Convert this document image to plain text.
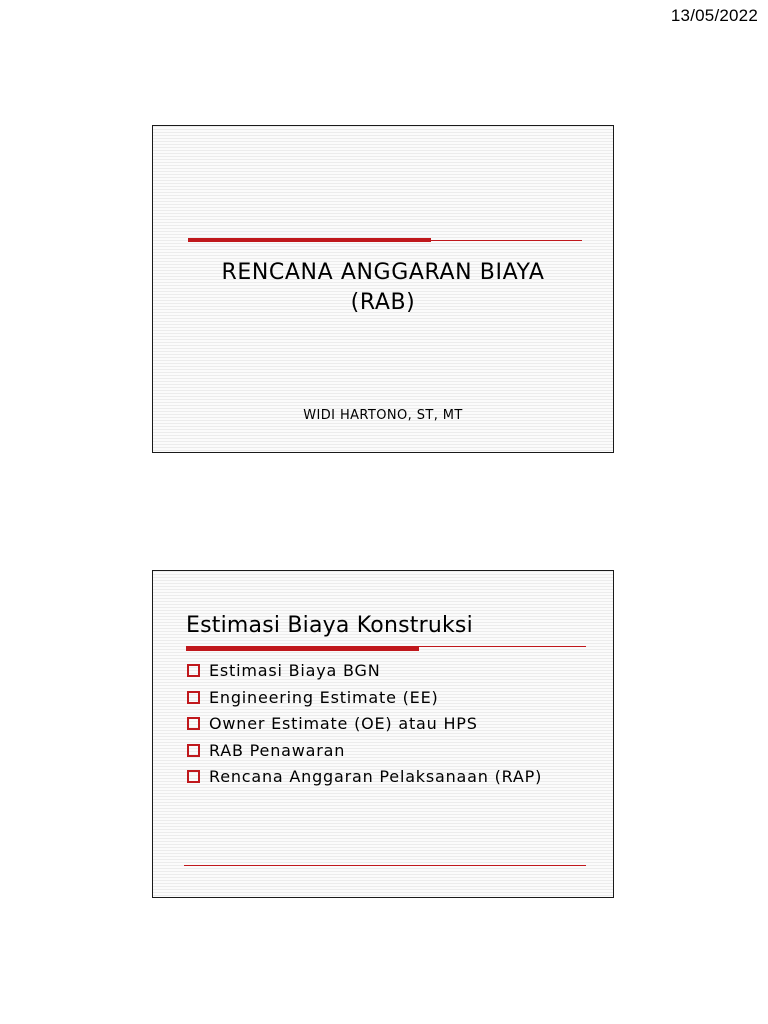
13/05/2022
RENCANA ANGGARAN BIAYA
(RAB)
WIDI HARTONO, ST, MT
Estimasi Biaya Konstruksi
Estimasi Biaya BGN
Engineering Estimate (EE)
Owner Estimate (OE) atau HPS
RAB Penawaran
Rencana Anggaran Pelaksanaan (RAP)
